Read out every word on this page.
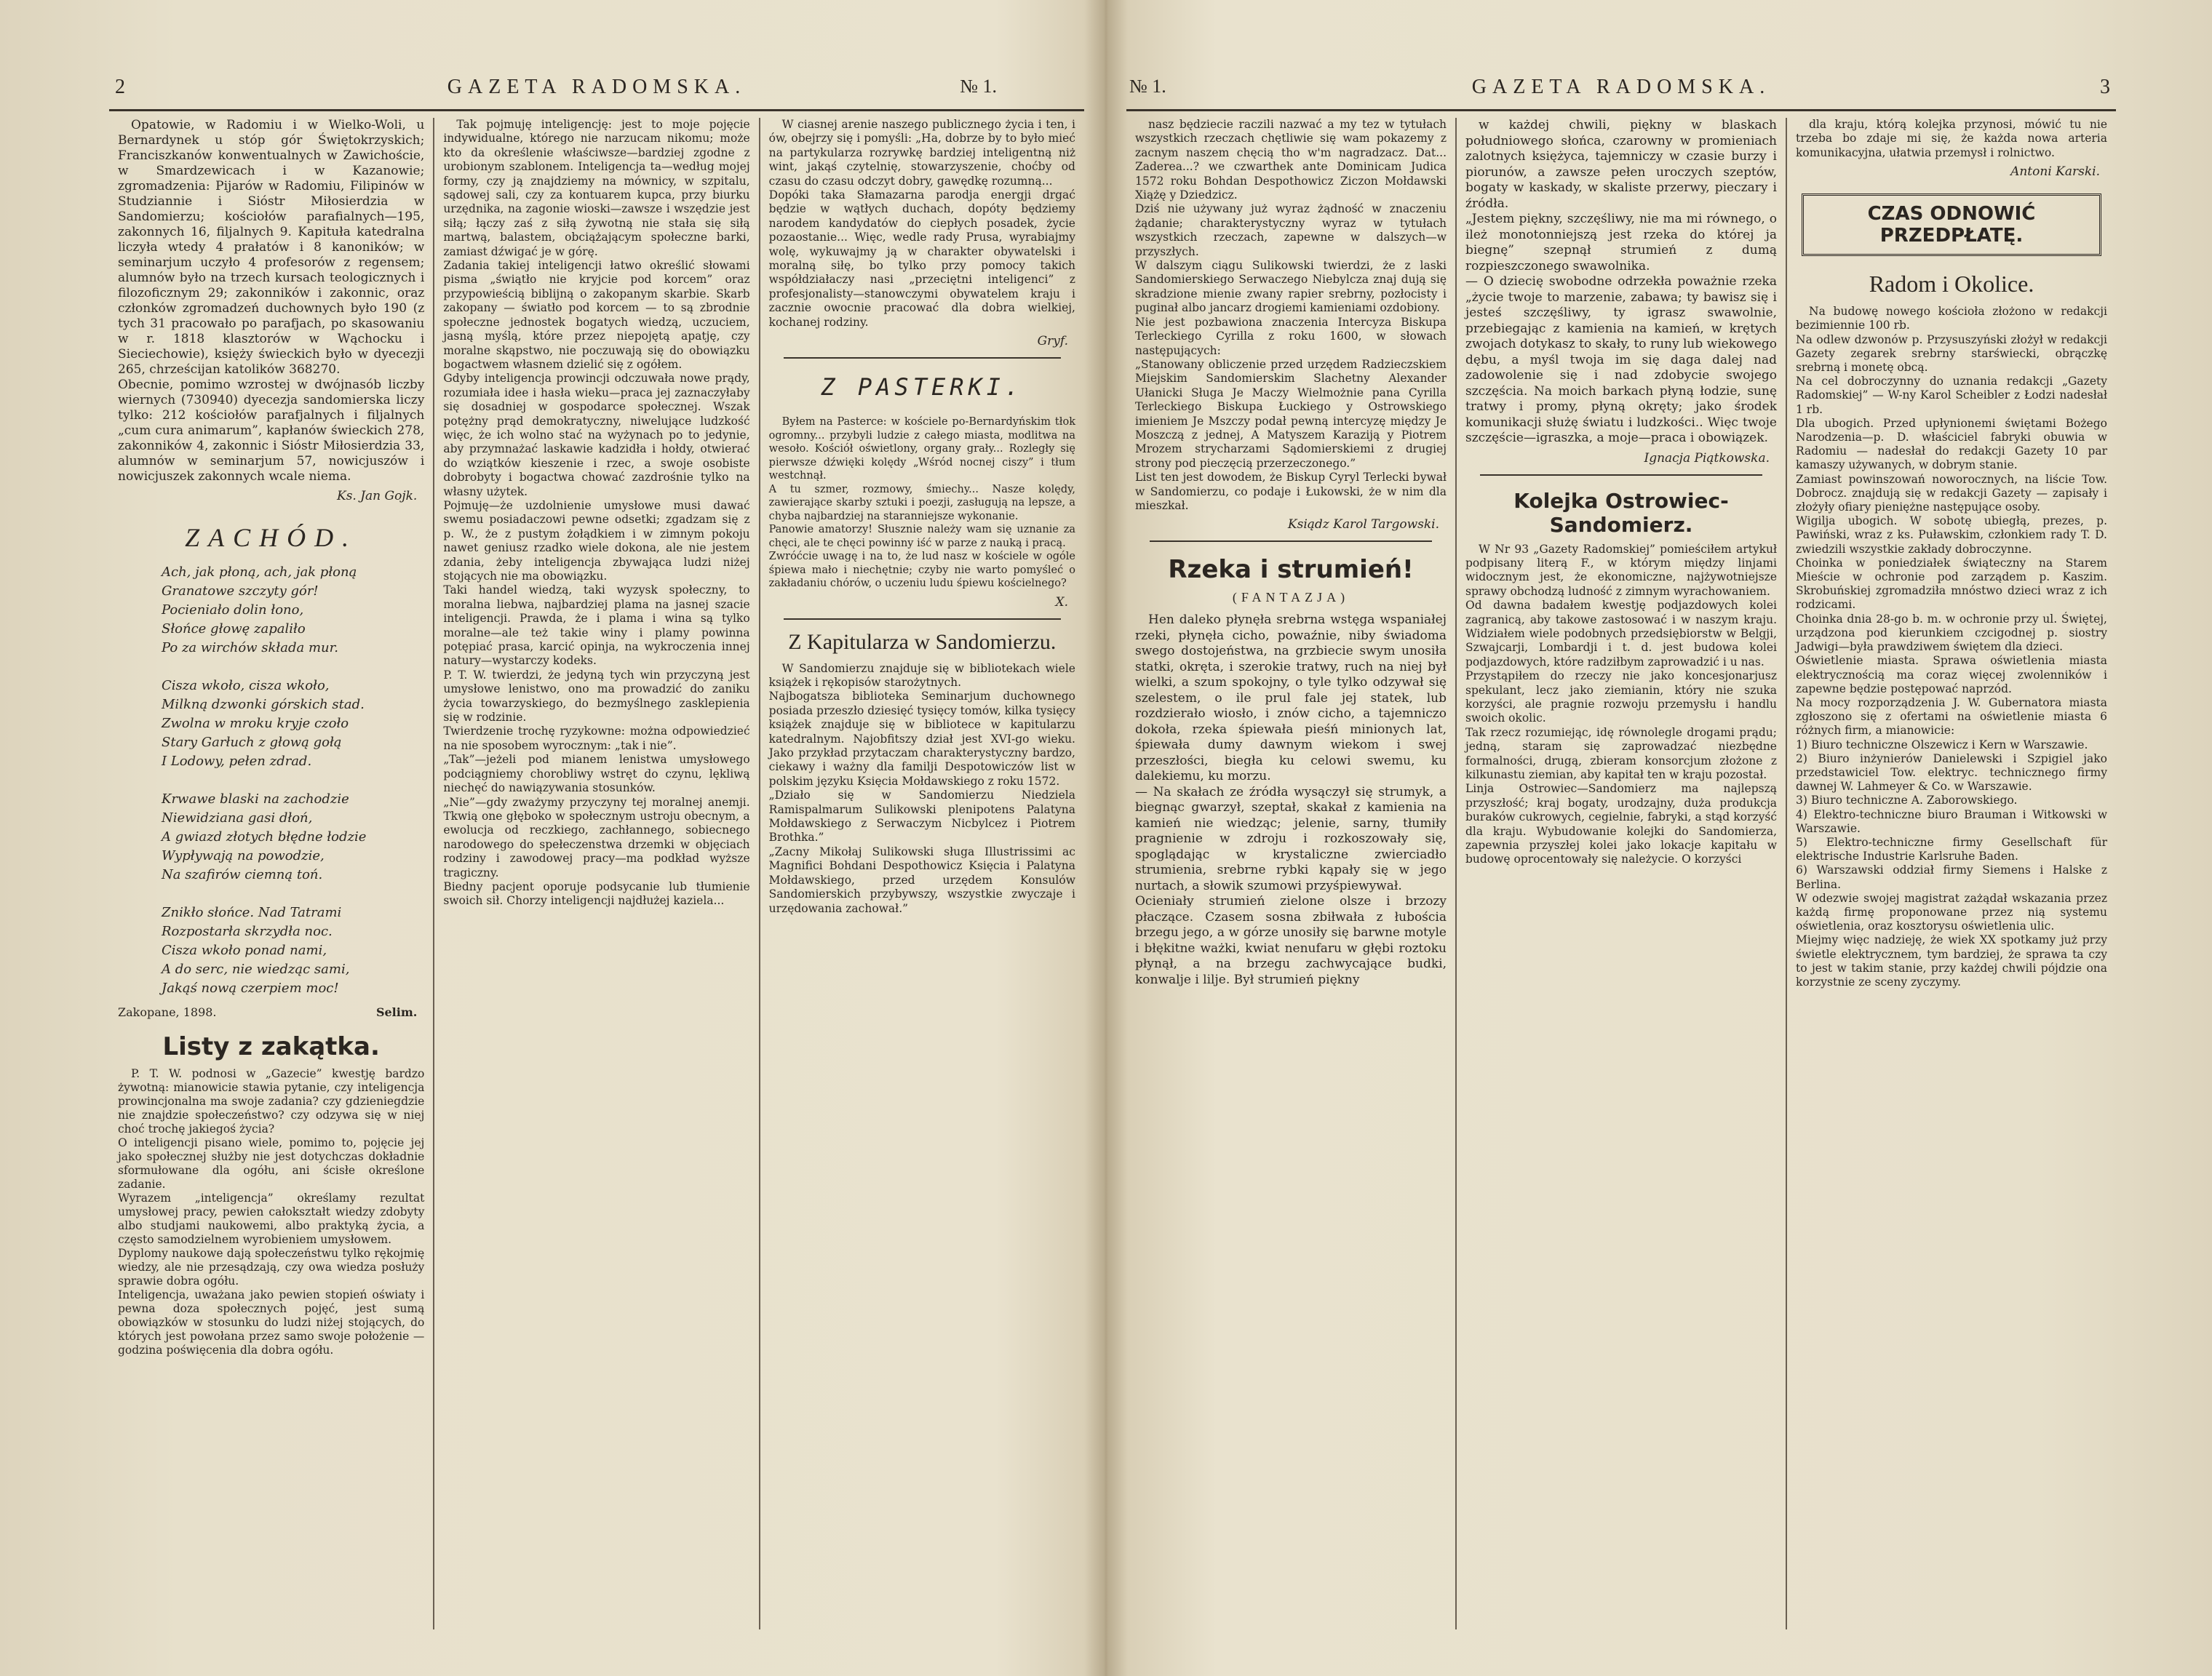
2	GAZETA RADOMSKA.	№ 1.

Opatowie, w Radomiu i w Wielko-Woli, u Bernardynek u stóp gór Świętokrzyskich; Franciszkanów konwentualnych w Zawichoście, w Smardzewicach i w Kazanowie; zgromadzenia: Pijarów w Radomiu, Filipinów w Studziannie i Sióstr Miłosierdzia w Sandomierzu; kościołów parafialnych—195, zakonnych 16, filjalnych 9. Kapituła katedralna liczyła wtedy 4 prałatów i 8 kanoników; w seminarjum uczyło 4 profesorów z regensem; alumnów było na trzech kursach teologicznych i filozoficznym 29; zakonników i zakonnic, oraz członków zgromadzeń duchownych było 190 (z tych 31 pracowało po parafjach, po skasowaniu w r. 1818 klasztorów w Wąchocku i Sieciechowie), księży świeckich było w dyecezji 265, chrześcijan katolików 368270.
Obecnie, pomimo wzrostej w dwójnasób liczby wiernych (730940) dyecezja sandomierska liczy tylko: 212 kościołów parafjalnych i filjalnych „cum cura animarum”, kapłanów świeckich 278, zakonników 4, zakonnic i Sióstr Miłosierdzia 33, alumnów w seminarjum 57, nowicjuszów i nowicjuszek zakonnych wcale niema.

Ks. Jan Gojk.
ZACHÓD.
Ach, jak płoną, ach, jak płoną
Granatowe szczyty gór!
Pocieniało dolin łono,
Słońce głowę zapaliło
Po za wirchów składa mur.

Cisza wkoło, cisza wkoło,
Milkną dzwonki górskich stad.
Zwolna w mroku kryje czoło
Stary Garłuch z głową gołą
I Lodowy, pełen zdrad.

Krwawe blaski na zachodzie
Niewidziana gasi dłoń,
A gwiazd złotych błędne łodzie
Wypływają na powodzie,
Na szafirów ciemną toń.

Znikło słońce. Nad Tatrami
Rozpostarła skrzydła noc.
Cisza wkoło ponad nami,
A do serc, nie wiedząc sami,
Jakąś nową czerpiem moc!
Zakopane, 1898.	Selim.
Listy z zakątka.

P. T. W. podnosi w „Gazecie” kwestję bardzo żywotną: mianowicie stawia pytanie, czy inteligencja prowincjonalna ma swoje zadania? czy gdzieniegdzie nie znajdzie społeczeństwo? czy odzywa się w niej choć trochę jakiegoś życia?
O inteligencji pisano wiele, pomimo to, pojęcie jej jako społecznej służby nie jest dotychczas dokładnie sformułowane dla ogółu, ani ścisłe określone zadanie.
Wyrazem „inteligencja” określamy rezultat umysłowej pracy, pewien całokształt wiedzy zdobyty albo studjami naukowemi, albo praktyką życia, a często samodzielnem wyrobieniem umysłowem.
Dyplomy naukowe dają społeczeństwu tylko rękojmię wiedzy, ale nie przesądzają, czy owa wiedza posłuży sprawie dobra ogółu.
Inteligencja, uważana jako pewien stopień oświaty i pewna doza społecznych pojęć, jest sumą obowiązków w stosunku do ludzi niżej stojących, do których jest powołana przez samo swoje położenie — godzina poświęcenia dla dobra ogółu.

Tak pojmuję inteligencję: jest to moje pojęcie indywidualne, którego nie narzucam nikomu; może kto da określenie właściwsze—bardziej zgodne z urobionym szablonem. Inteligencja ta—według mojej formy, czy ją znajdziemy na mównicy, w szpitalu, sądowej sali, czy za kontuarem kupca, przy biurku urzędnika, na zagonie wioski—zawsze i wszędzie jest siłą; łączy zaś z siłą żywotną nie stała się siłą martwą, balastem, obciążającym społeczne barki, zamiast dźwigać je w górę.
Zadania takiej inteligencji łatwo określić słowami pisma „świątło nie kryjcie pod korcem” oraz przypowieścią biblijną o zakopanym skarbie. Skarb zakopany — światło pod korcem — to są zbrodnie społeczne jednostek bogatych wiedzą, uczuciem, jasną myślą, które przez niepojętą apatję, czy moralne skąpstwo, nie poczuwają się do obowiązku bogactwem własnem dzielić się z ogółem.
Gdyby inteligencja prowincji odczuwała nowe prądy, rozumiała idee i hasła wieku—praca jej zaznaczyłaby się dosadniej w gospodarce społecznej. Wszak potężny prąd demokratyczny, niwelujące ludzkość więc, że ich wolno stać na wyżynach po to jedynie, aby przymnażać laskawie kadzidła i hołdy, otwierać do wziątków kieszenie i rzec, a swoje osobiste dobrobyty i bogactwa chować zazdrośnie tylko na własny użytek.
Pojmuję—że uzdolnienie umysłowe musi dawać swemu posiadaczowi pewne odsetki; zgadzam się z p. W., że z pustym żołądkiem i w zimnym pokoju nawet geniusz rzadko wiele dokona, ale nie jestem zdania, żeby inteligencja zbywająca ludzi niżej stojących nie ma obowiązku.
Taki handel wiedzą, taki wyzysk społeczny, to moralna liebwa, najbardziej plama na jasnej szacie inteligencji. Prawda, że i plama i wina są tylko moralne—ale też takie winy i plamy powinna potępiać prasa, karcić opinja, na wykroczenia innej natury—wystarczy kodeks.
P. T. W. twierdzi, że jedyną tych win przyczyną jest umysłowe lenistwo, ono ma prowadzić do zaniku życia towarzyskiego, do bezmyślnego zasklepienia się w rodzinie.
Twierdzenie trochę ryzykowne: można odpowiedzieć na nie sposobem wyrocznym: „tak i nie”.
„Tak”—jeżeli pod mianem lenistwa umysłowego podciągniemy chorobliwy wstręt do czynu, lękliwą niechęć do nawiązywania stosunków.
„Nie”—gdy zważymy przyczyny tej moralnej anemji. Tkwią one głęboko w społecznym ustroju obecnym, a ewolucja od reczkiego, zachłannego, sobiecnego narodowego do spełeczenstwa drzemki w objęciach rodziny i zawodowej pracy—ma podkład wyższe tragiczny.
Biedny pacjent oporuje podsycanie lub tłumienie swoich sił. Chorzy inteligencji najdłużej kaziela...

W ciasnej arenie naszego publicznego życia i ten, i ów, obejrzy się i pomyśli: „Ha, dobrze by to było mieć na partykularza rozrywkę bardziej inteligentną niż wint, jakąś czytelnię, stowarzyszenie, choćby od czasu do czasu odczyt dobry, gawędkę rozumną...
Dopóki taka Słamazarna parodja energji drgać będzie w wątłych duchach, dopóty będziemy narodem kandydatów do ciepłych posadek, życie pozaostanie... Więc, wedle rady Prusa, wyrabiajmy wolę, wykuwajmy ją w charakter obywatelski i moralną siłę, bo tylko przy pomocy takich współdziałaczy nasi „przeciętni inteligenci” z profesjonalisty—stanowczymi obywatelem kraju i zacznie owocnie pracować dla dobra wielkiej, kochanej rodziny.

Gryf.
Z PASTERKI.

Byłem na Pasterce: w kościele po-Bernardyńskim tłok ogromny... przybyli ludzie z całego miasta, modlitwa na wesoło. Kościół oświetlony, organy grały... Rozległy się pierwsze dźwięki kolędy „Wśród nocnej ciszy” i tłum westchnął.
A tu szmer, rozmowy, śmiechy... Nasze kolędy, zawierające skarby sztuki i poezji, zasługują na lepsze, a chyba najbardziej na staranniejsze wykonanie.
Panowie amatorzy! Słusznie należy wam się uznanie za chęci, ale te chęci powinny iść w parze z nauką i pracą.
Zwróćcie uwagę i na to, że lud nasz w kościele w ogóle śpiewa mało i niechętnie; czyby nie warto pomyśleć o zakładaniu chórów, o uczeniu ludu śpiewu kościelnego?

X.
Z Kapitularza w Sandomierzu.

W Sandomierzu znajduje się w bibliotekach wiele książek i rękopisów starożytnych.
Najbogatsza biblioteka Seminarjum duchownego posiada przeszło dziesięć tysięcy tomów, kilka tysięcy książek znajduje się w bibliotece w kapitularzu katedralnym. Najobfitszy dział jest XVI-go wieku. Jako przykład przytaczam charakterystyczny bardzo, ciekawy i ważny dla familji Despotowiczów list w polskim języku Księcia Mołdawskiego z roku 1572.
„Działo się w Sandomierzu Niedziela Ramispalmarum Sulikowski plenipotens Palatyna Mołdawskiego z Serwaczym Nicbylcez i Piotrem Brothka.”
„Zacny Mikołaj Sulikowski sługa Illustrissimi ac Magnifici Bohdani Despothowicz Księcia i Palatyna Mołdawskiego, przed urzędem Konsulów Sandomierskich przybywszy, wszystkie zwyczaje i urzędowania zachował.”

№ 1.	GAZETA RADOMSKA.	3

nasz będziecie raczili nazwać a my tez w tytułach wszystkich rzeczach chętliwie się wam pokazemy z zacnym naszem chęcią tho w'm nagradzacz. Dat... Zaderea...? we czwarthek ante Dominicam Judica 1572 roku Bohdan Despothowicz Ziczon Mołdawski Xiążę y Dziedzicz.
Dziś nie używany już wyraz żądność w znaczeniu żądanie; charakterystyczny wyraz w tytułach wszystkich rzeczach, zapewne w dalszych—w przyszłych.
W dalszym ciągu Sulikowski twierdzi, że z laski Sandomierskiego Serwaczego Niebylcza znaj dują się skradzione mienie zwany rapier srebrny, pozłocisty i puginał albo jancarz drogiemi kamieniami ozdobiony.
Nie jest pozbawiona znaczenia Intercyza Biskupa Terleckiego Cyrilla z roku 1600, w słowach następujących:
„Stanowany obliczenie przed urzędem Radzieczskiem Miejskim Sandomierskim Slachetny Alexander Ułanicki Sługa Je Maczy Wielmożnie pana Cyrilla Terleckiego Biskupa Łuckiego y Ostrowskiego imieniem Je Mszczy podał pewną intercyzę między Je Moszczą z jednej, A Matyszem Karaziją y Piotrem Mrozem strycharzami Sądomierskiemi z drugiej strony pod pieczęcią przerzeczonego.”
List ten jest dowodem, że Biskup Cyryl Terlecki bywał w Sandomierzu, co podaje i Łukowski, że w nim dla mieszkał.

Ksiądz Karol Targowski.
Rzeka i strumień!
(FANTAZJA)

Hen daleko płynęła srebrna wstęga wspaniałej rzeki, płynęła cicho, powaźnie, niby świadoma swego dostojeństwa, na grzbiecie swym unosiła statki, okręta, i szerokie tratwy, ruch na niej był wielki, a szum spokojny, o tyle tylko odzywał się szelestem, o ile prul fale jej statek, lub rozdzierało wiosło, i znów cicho, a tajemniczo dokoła, rzeka śpiewała pieśń minionych lat, śpiewała dumy dawnym wiekom i swej przeszłości, biegła ku celowi swemu, ku dalekiemu, ku morzu.
— Na skałach ze źródła wysączył się strumyk, a biegnąc gwarzył, szeptał, skakał z kamienia na kamień nie wiedząc; jelenie, sarny, tłumiły pragnienie w zdroju i rozkoszowały się, spoglądając w krystaliczne zwierciadło strumienia, srebrne rybki kąpały się w jego nurtach, a słowik szumowi przyśpiewywał.
Ocieniały strumień zielone olsze i brzozy płaczące. Czasem sosna zbiłwała z łubościa brzegu jego, a w górze unosiły się barwne motyle i błękitne ważki, kwiat nenufaru w głębi roztoku płynął, a na brzegu zachwycające budki, konwalje i lilje. Był strumień piękny

w każdej chwili, piękny w blaskach południowego słońca, czarowny w promieniach zalotnych księżyca, tajemniczy w czasie burzy i piorunów, a zawsze pełen uroczych szeptów, bogaty w kaskady, w skaliste przerwy, pieczary i źródła.
„Jestem piękny, szczęśliwy, nie ma mi równego, o ileż monotonniejszą jest rzeka do której ja biegnę” szepnął strumień z dumą rozpieszczonego swawolnika.
— O dziecię swobodne odrzekła poważnie rzeka „życie twoje to marzenie, zabawa; ty bawisz się i jesteś szczęśliwy, ty igrasz swawolnie, przebiegając z kamienia na kamień, w krętych zwojach dotykasz to skały, to runy lub wiekowego dębu, a myśl twoja im się daga dalej nad zadowolenie się i nad zdobycie swojego szczęścia. Na moich barkach płyną łodzie, sunę tratwy i promy, płyną okręty; jako środek komunikacji służę światu i ludzkości.. Więc twoje szczęście—igraszka, a moje—praca i obowiązek.

Ignacja Piątkowska.
Kolejka Ostrowiec-Sandomierz.

W Nr 93 „Gazety Radomskiej” pomieściłem artykuł podpisany literą F., w którym między linjami widocznym jest, że ekonomiczne, najżywotniejsze sprawy obchodzą ludność z zimnym wyrachowaniem.
Od dawna badałem kwestję podjazdowych kolei zagranicą, aby takowe zastosować i w naszym kraju. Widziałem wiele podobnych przedsiębiorstw w Belgji, Szwajcarji, Lombardji i t. d. jest budowa kolei podjazdowych, które radziłbym zaprowadzić i u nas.
Przystąpiłem do rzeczy nie jako koncesjonarjusz spekulant, lecz jako ziemianin, który nie szuka korzyści, ale pragnie rozwoju przemysłu i handlu swoich okolic.
Tak rzecz rozumiejąc, idę równolegle drogami prądu; jedną, staram się zaprowadzać niezbędne formalności, drugą, zbieram konsorcjum złożone z kilkunastu ziemian, aby kapitał ten w kraju pozostał.
Linja Ostrowiec—Sandomierz ma najlepszą przyszłość; kraj bogaty, urodzajny, duża produkcja buraków cukrowych, cegielnie, fabryki, a stąd korzyść dla kraju. Wybudowanie kolejki do Sandomierza, zapewnia przyszłej kolei jako lokacje kapitału w budowę oprocentowały się należycie. O korzyści

dla kraju, którą kolejka przynosi, mówić tu nie trzeba bo zdaje mi się, że każda nowa arteria komunikacyjna, ułatwia przemysł i rolnictwo.

Antoni Karski.
CZAS ODNOWIĆ PRZEDPŁATĘ.
Radom i Okolice.

Na budowę nowego kościoła złożono w redakcji bezimiennie 100 rb.
Na odlew dzwonów p. Przysuszyński złożył w redakcji Gazety zegarek srebrny starświecki, obrączkę srebrną i monetę obcą.
Na cel dobroczynny do uznania redakcji „Gazety Radomskiej” — W-ny Karol Scheibler z Łodzi nadesłał 1 rb.
Dla ubogich. Przed upłynionemi świętami Bożego Narodzenia—p. D. właściciel fabryki obuwia w Radomiu — nadesłał do redakcji Gazety 10 par kamaszy używanych, w dobrym stanie.
Zamiast powinszowań noworocznych, na liście Tow. Dobrocz. znajdują się w redakcji Gazety — zapisały i złożyły ofiary pieniężne następujące osoby.
Wigilja ubogich. W sobotę ubiegłą, prezes, p. Pawiński, wraz z ks. Puławskim, członkiem rady T. D. zwiedzili wszystkie zakłady dobroczynne.
Choinka w poniedziałek świąteczny na Starem Mieście w ochronie pod zarządem p. Kaszim. Skrobuńskiej zgromadziła mnóstwo dzieci wraz z ich rodzicami.
Choinka dnia 28-go b. m. w ochronie przy ul. Świętej, urządzona pod kierunkiem czcigodnej p. siostry Jadwigi—była prawdziwem świętem dla dzieci.
Oświetlenie miasta. Sprawa oświetlenia miasta elektrycznością ma coraz więcej zwolenników i zapewne będzie postępować naprzód.
Na mocy rozporządzenia J. W. Gubernatora miasta zgłoszono się z ofertami na oświetlenie miasta 6 różnych firm, a mianowicie:
1) Biuro techniczne Olszewicz i Kern w Warszawie.
2) Biuro inżynierów Danielewski i Szpigiel jako przedstawiciel Tow. elektryc. technicznego firmy dawnej W. Lahmeyer & Co. w Warszawie.
3) Biuro techniczne A. Zaborowskiego.
4) Elektro-techniczne biuro Brauman i Witkowski w Warszawie.
5) Elektro-techniczne firmy Gesellschaft für elektrische Industrie Karlsruhe Baden.
6) Warszawski oddział firmy Siemens i Halske z Berlina.
W odezwie swojej magistrat zażądał wskazania przez każdą firmę proponowane przez nią systemu oświetlenia, oraz kosztorysu oświetlenia ulic.
Miejmy więc nadzieję, że wiek XX spotkamy już przy świetle elektrycznem, tym bardziej, że sprawa ta czy to jest w takim stanie, przy każdej chwili pójdzie ona korzystnie ze sceny zyczymy.
